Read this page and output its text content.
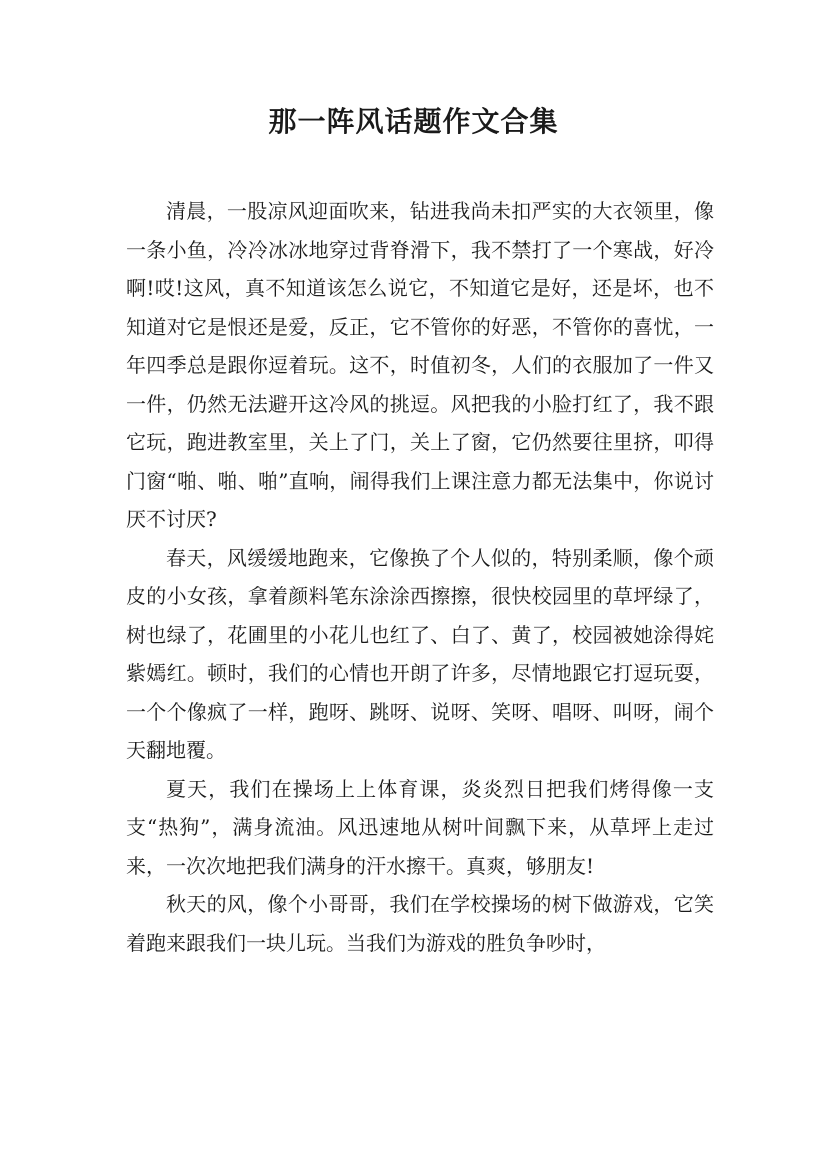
那一阵风话题作文合集

清晨，一股凉风迎面吹来，钻进我尚未扣严实的大衣领里，像一条小鱼，冷冷冰冰地穿过背脊滑下，我不禁打了一个寒战，好冷啊!哎!这风，真不知道该怎么说它，不知道它是好，还是坏，也不知道对它是恨还是爱，反正，它不管你的好恶，不管你的喜忧，一年四季总是跟你逗着玩。这不，时值初冬，人们的衣服加了一件又一件，仍然无法避开这冷风的挑逗。风把我的小脸打红了，我不跟它玩，跑进教室里，关上了门，关上了窗，它仍然要往里挤，叩得门窗“啪、啪、啪”直响，闹得我们上课注意力都无法集中，你说讨厌不讨厌?

春天，风缓缓地跑来，它像换了个人似的，特别柔顺，像个顽皮的小女孩，拿着颜料笔东涂涂西擦擦，很快校园里的草坪绿了，树也绿了，花圃里的小花儿也红了、白了、黄了，校园被她涂得姹紫嫣红。顿时，我们的心情也开朗了许多，尽情地跟它打逗玩耍，一个个像疯了一样，跑呀、跳呀、说呀、笑呀、唱呀、叫呀，闹个天翻地覆。

夏天，我们在操场上上体育课，炎炎烈日把我们烤得像一支支“热狗”，满身流油。风迅速地从树叶间飘下来，从草坪上走过来，一次次地把我们满身的汗水擦干。真爽，够朋友!

秋天的风，像个小哥哥，我们在学校操场的树下做游戏，它笑着跑来跟我们一块儿玩。当我们为游戏的胜负争吵时，
